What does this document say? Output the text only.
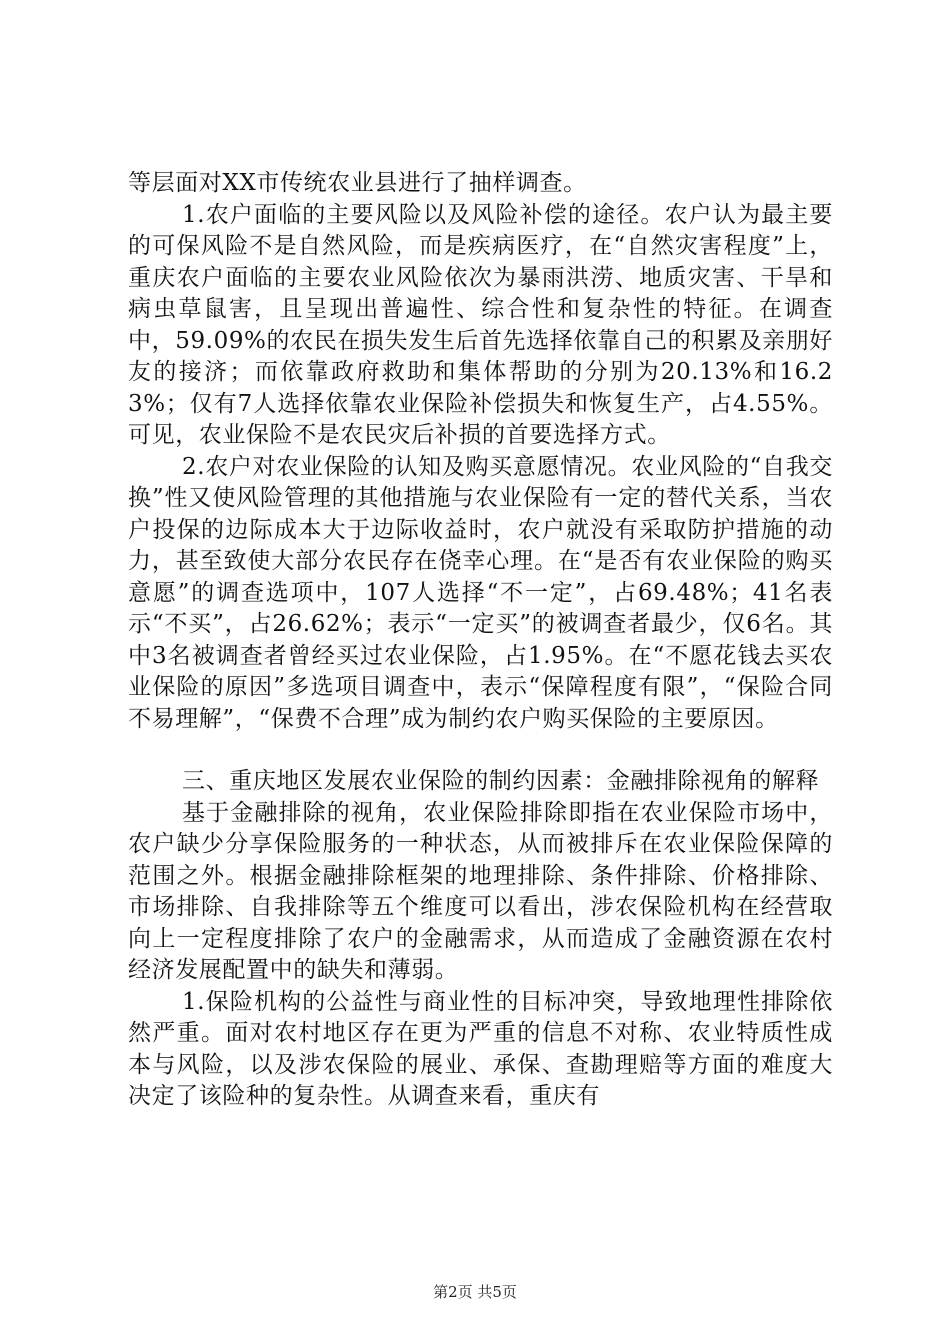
等层面对XX市传统农业县进行了抽样调查。

1.农户面临的主要风险以及风险补偿的途径。农户认为最主要的可保风险不是自然风险，而是疾病医疗，在“自然灾害程度”上，重庆农户面临的主要农业风险依次为暴雨洪涝、地质灾害、干旱和病虫草鼠害，且呈现出普遍性、综合性和复杂性的特征。在调查中，59.09%的农民在损失发生后首先选择依靠自己的积累及亲朋好友的接济；而依靠政府救助和集体帮助的分别为20.13%和16.23%；仅有7人选择依靠农业保险补偿损失和恢复生产，占4.55%。可见，农业保险不是农民灾后补损的首要选择方式。

2.农户对农业保险的认知及购买意愿情况。农业风险的“自我交换”性又使风险管理的其他措施与农业保险有一定的替代关系，当农户投保的边际成本大于边际收益时，农户就没有采取防护措施的动力，甚至致使大部分农民存在侥幸心理。在“是否有农业保险的购买意愿”的调查选项中，107人选择“不一定”，占69.48%；41名表示“不买”，占26.62%；表示“一定买”的被调查者最少，仅6名。其中3名被调查者曾经买过农业保险，占1.95%。在“不愿花钱去买农业保险的原因”多选项目调查中，表示“保障程度有限”，“保险合同不易理解”，“保费不合理”成为制约农户购买保险的主要原因。

三、重庆地区发展农业保险的制约因素：金融排除视角的解释

基于金融排除的视角，农业保险排除即指在农业保险市场中，农户缺少分享保险服务的一种状态，从而被排斥在农业保险保障的范围之外。根据金融排除框架的地理排除、条件排除、价格排除、市场排除、自我排除等五个维度可以看出，涉农保险机构在经营取向上一定程度排除了农户的金融需求，从而造成了金融资源在农村经济发展配置中的缺失和薄弱。

1.保险机构的公益性与商业性的目标冲突，导致地理性排除依然严重。面对农村地区存在更为严重的信息不对称、农业特质性成本与风险，以及涉农保险的展业、承保、查勘理赔等方面的难度大决定了该险种的复杂性。从调查来看，重庆有

第2页 共5页
